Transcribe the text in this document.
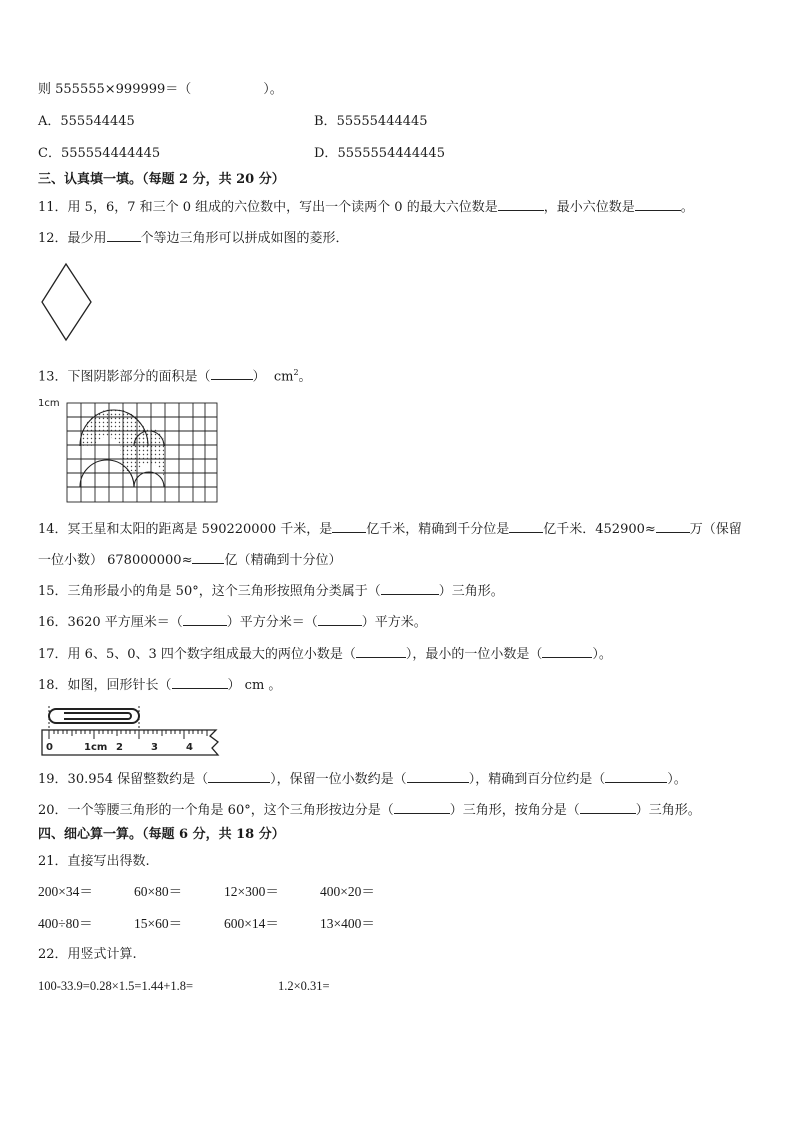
则 555555×999999＝（	）。
A．555544445	B．55555444445
C．555554444445	D．5555554444445
三、认真填一填。（每题 2 分，共 20 分）
11．用 5，6，7 和三个 0 组成的六位数中，写出一个读两个 0 的最大六位数是	，最小六位数是	。
12．最少用	个等边三角形可以拼成如图的菱形．
13．下图阴影部分的面积是（	） $cm^2$。
1cm
14．冥王星和太阳的距离是 590220000 千米，是	亿千米，精确到千分位是	亿千米．452900≈	万（保留
一位小数） 678000000≈ 亿（精确到十分位）
15．三角形最小的角是 50°，这个三角形按照角分类属于（	）三角形。
16．3620 平方厘米＝（	）平方分米＝（	）平方米。
17．用 6、5、0、3 四个数字组成最大的两位小数是（	），最小的一位小数是（	）。
18．如图，回形针长（	） cm 。
0	1cm 2	3	4
19．30.954 保留整数约是（	），保留一位小数约是（	），精确到百分位约是（	）。
20．一个等腰三角形的一个角是 60°，这个三角形按边分是（	）三角形，按角分是（	）三角形。
四、细心算一算。（每题 6 分，共 18 分）
21．直接写出得数.
200×34＝	60×80＝	12×300＝	400×20＝
400÷80＝	15×60＝	600×14＝	13×400＝
22．用竖式计算.
100-33.9=0.28×1.5=1.44+1.8=	1.2×0.31=
